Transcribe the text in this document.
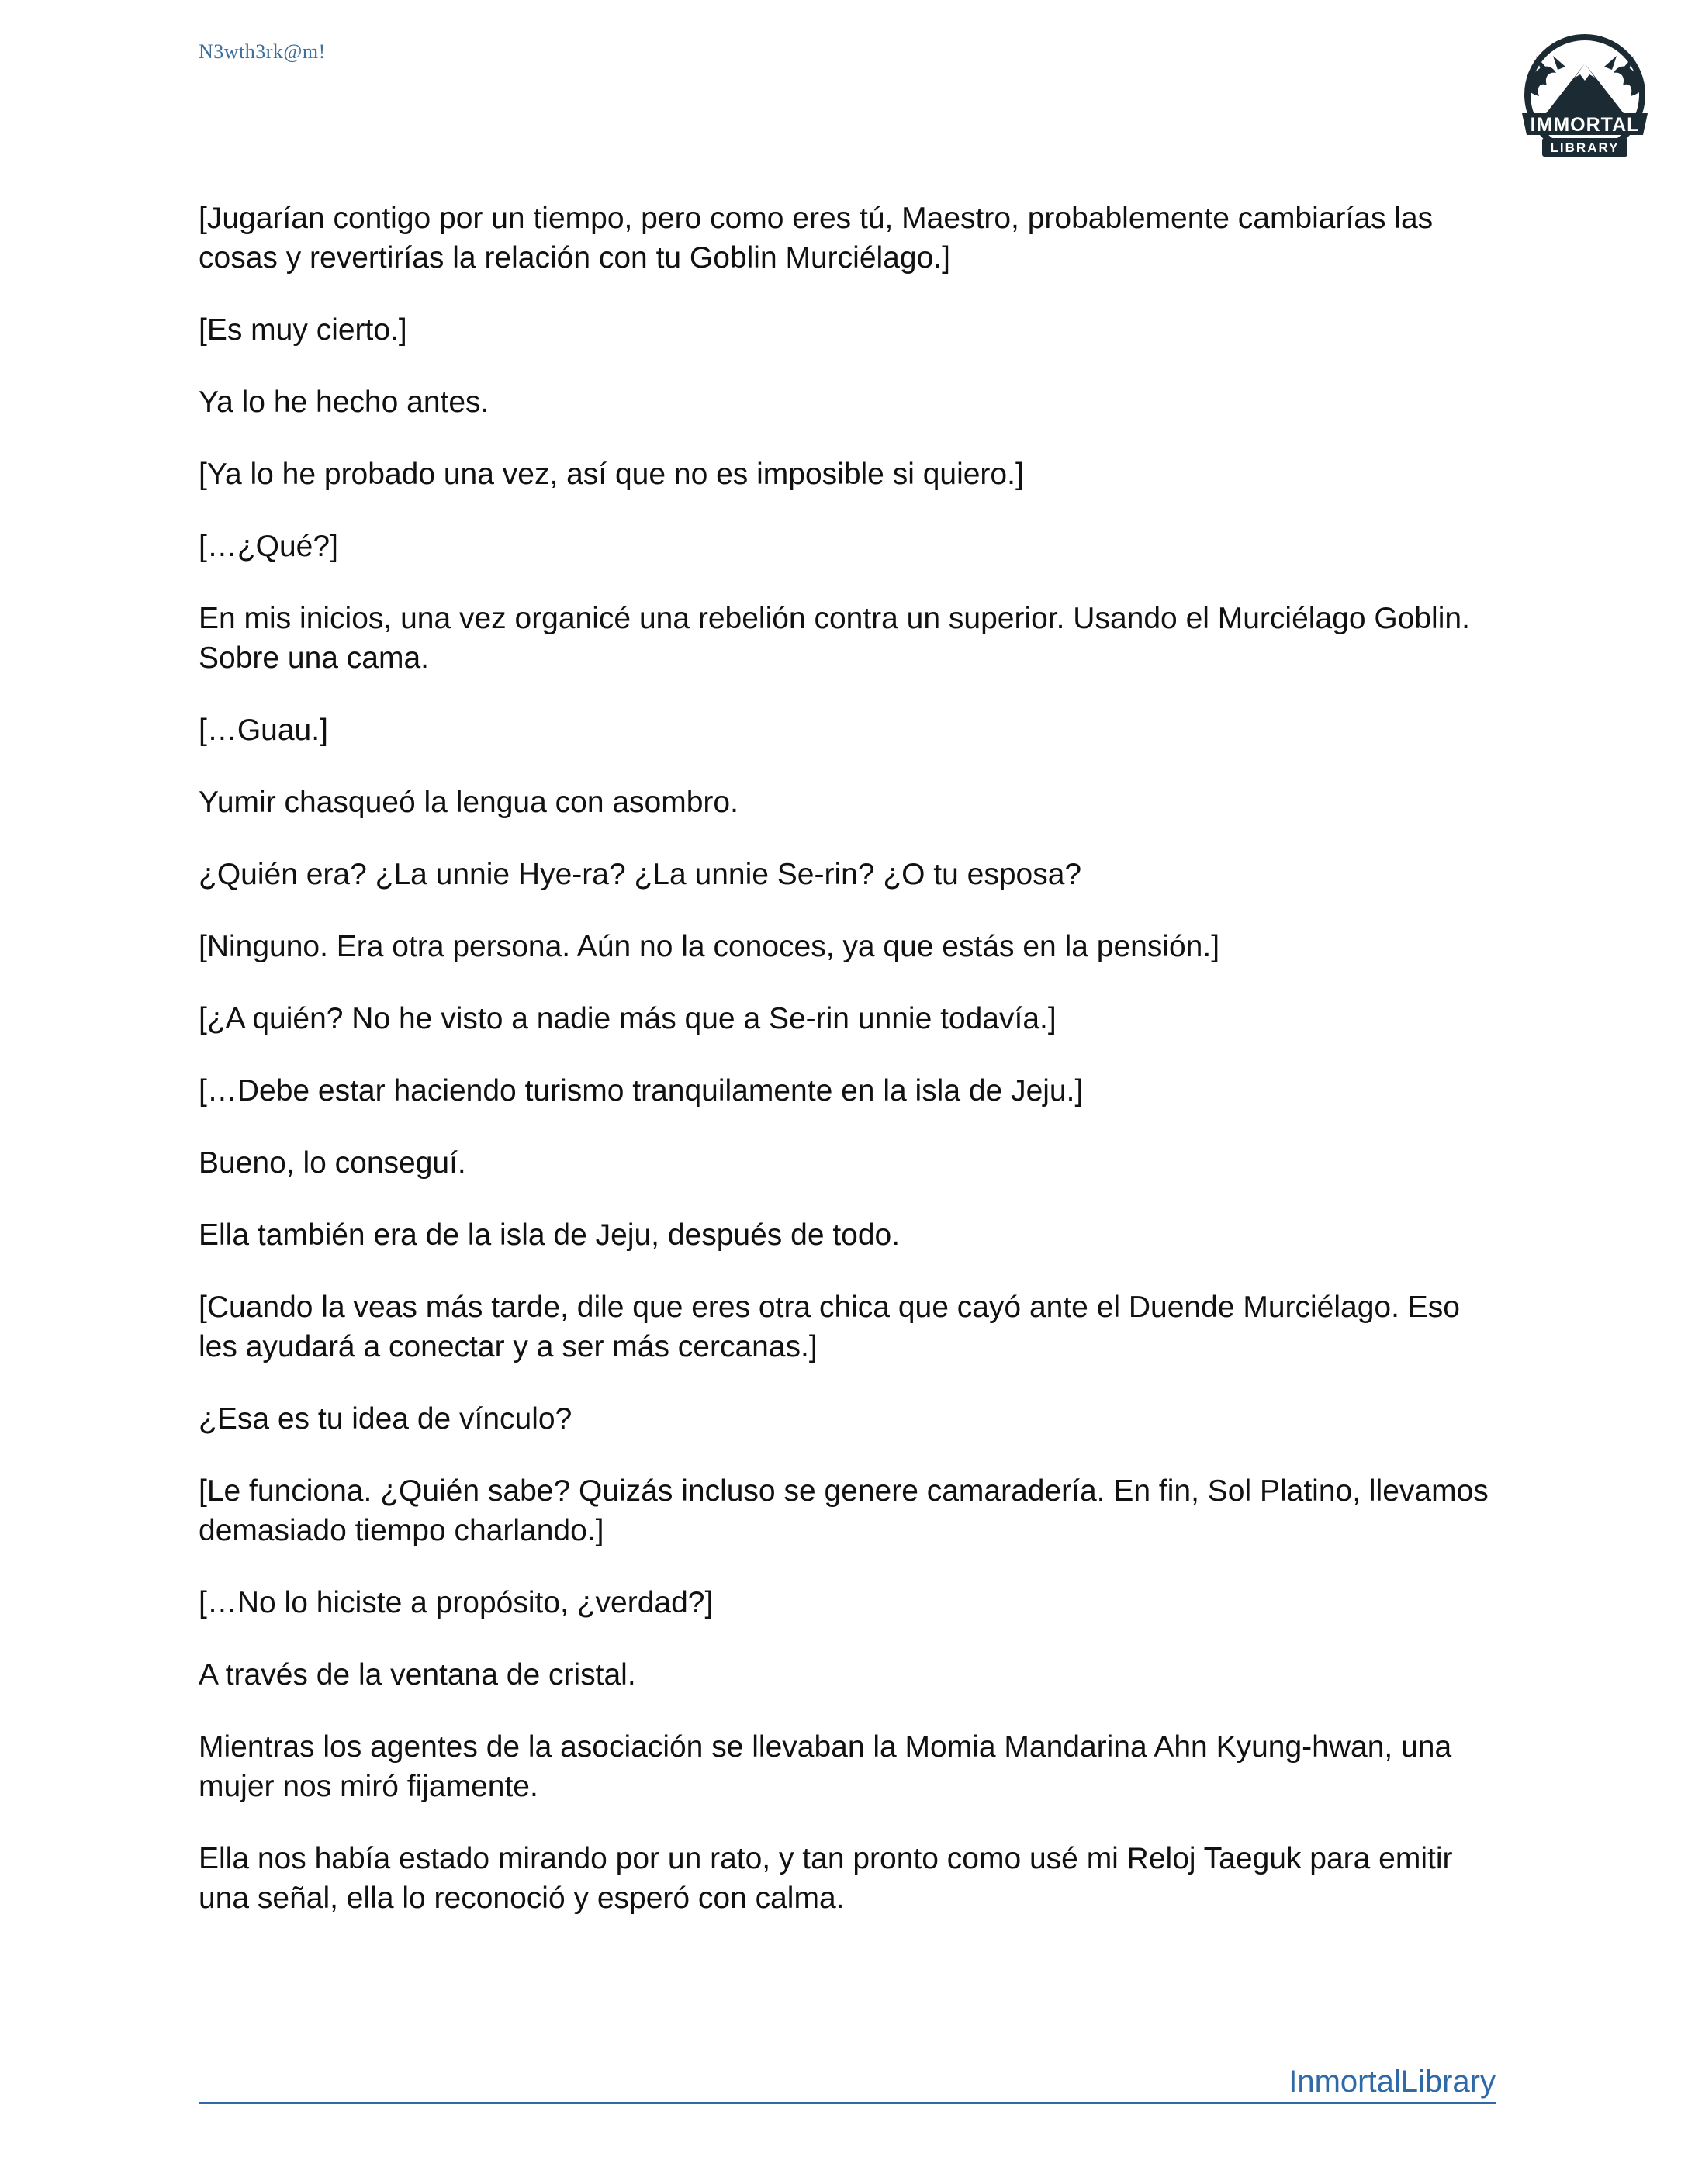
N3wth3rk@m!
IMMORTAL
LIBRARY

[Jugarían contigo por un tiempo, pero como eres tú, Maestro, probablemente cambiarías las cosas y revertirías la relación con tu Goblin Murciélago.]

[Es muy cierto.]

Ya lo he hecho antes.

[Ya lo he probado una vez, así que no es imposible si quiero.]

[…¿Qué?]

En mis inicios, una vez organicé una rebelión contra un superior. Usando el Murciélago Goblin. Sobre una cama.

[…Guau.]

Yumir chasqueó la lengua con asombro.

¿Quién era? ¿La unnie Hye-ra? ¿La unnie Se-rin? ¿O tu esposa?

[Ninguno. Era otra persona. Aún no la conoces, ya que estás en la pensión.]

[¿A quién? No he visto a nadie más que a Se-rin unnie todavía.]

[…Debe estar haciendo turismo tranquilamente en la isla de Jeju.]

Bueno, lo conseguí.

Ella también era de la isla de Jeju, después de todo.

[Cuando la veas más tarde, dile que eres otra chica que cayó ante el Duende Murciélago. Eso les ayudará a conectar y a ser más cercanas.]

¿Esa es tu idea de vínculo?

[Le funciona. ¿Quién sabe? Quizás incluso se genere camaradería. En fin, Sol Platino, llevamos demasiado tiempo charlando.]

[…No lo hiciste a propósito, ¿verdad?]

A través de la ventana de cristal.

Mientras los agentes de la asociación se llevaban la Momia Mandarina Ahn Kyung-hwan, una mujer nos miró fijamente.

Ella nos había estado mirando por un rato, y tan pronto como usé mi Reloj Taeguk para emitir una señal, ella lo reconoció y esperó con calma.

InmortalLibrary
